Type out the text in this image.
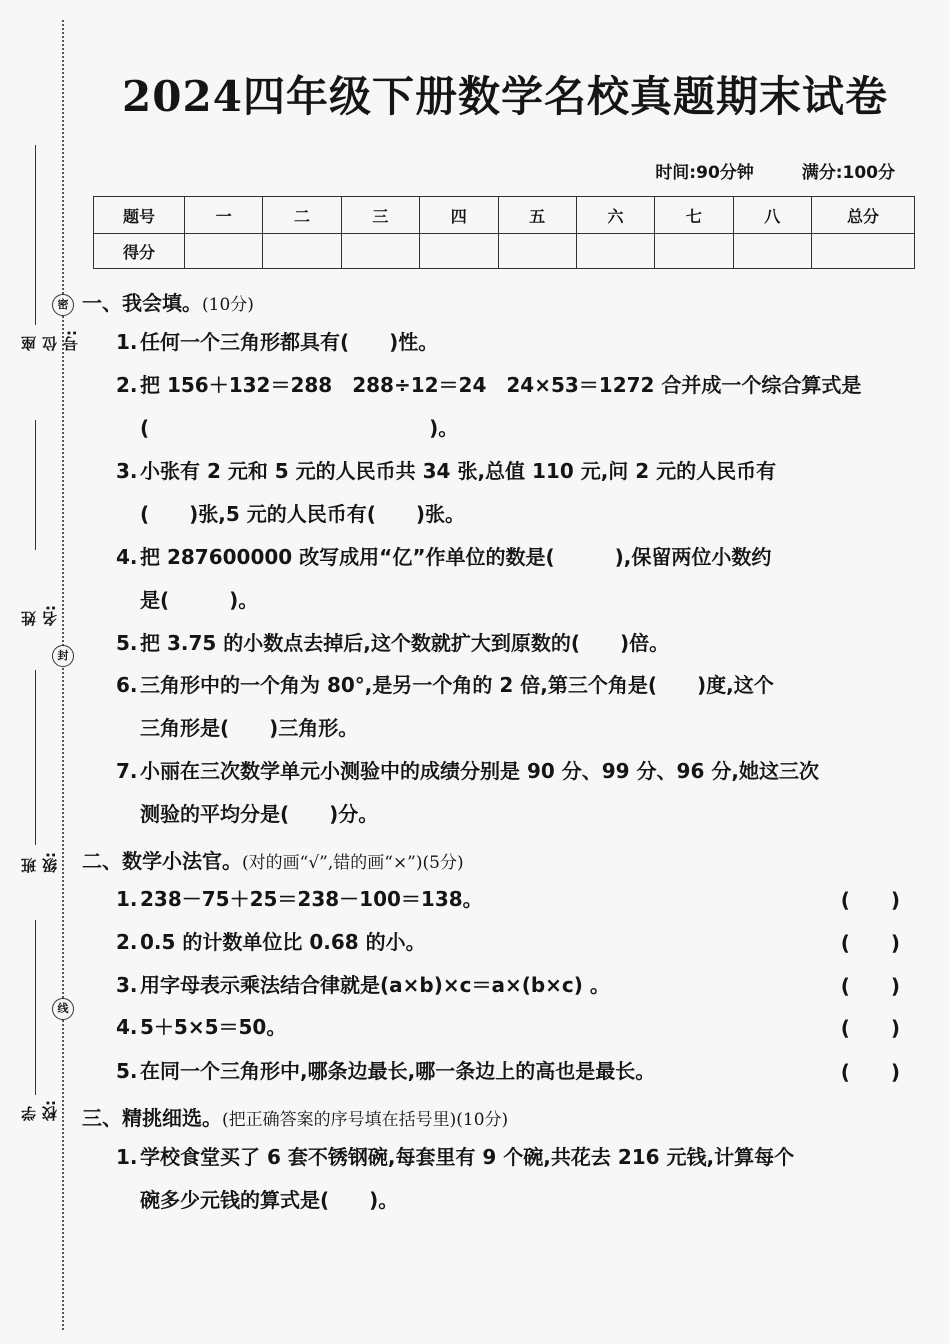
密
封
线
座位号:
姓名:
班级:
学校:
2024四年级下册数学名校真题期末试卷
时间:90分钟	满分:100分
题号	一	二	三	四	五	六	七	八	总分
得分									
一、我会填。(10分)
1. 任何一个三角形都具有(　　)性。
2. 把 156＋132＝288　288÷12＝24　24×53＝1272 合并成一个综合算式是
(　　　　　　　　　　　　　　)。
3. 小张有 2 元和 5 元的人民币共 34 张,总值 110 元,问 2 元的人民币有
(　　)张,5 元的人民币有(　　)张。
4. 把 287600000 改写成用“亿”作单位的数是(　　　),保留两位小数约
是(　　　)。
5. 把 3.75 的小数点去掉后,这个数就扩大到原数的(　　)倍。
6. 三角形中的一个角为 80°,是另一个角的 2 倍,第三个角是(　　)度,这个
三角形是(　　)三角形。
7. 小丽在三次数学单元小测验中的成绩分别是 90 分、99 分、96 分,她这三次
测验的平均分是(　　)分。
二、数学小法官。(对的画“√”,错的画“×”)(5分)
1. 238－75＋25＝238－100＝138。	( )
2. 0.5 的计数单位比 0.68 的小。	( )
3. 用字母表示乘法结合律就是(a×b)×c＝a×(b×c) 。	( )
4. 5＋5×5＝50。	( )
5. 在同一个三角形中,哪条边最长,哪一条边上的高也是最长。	( )
三、精挑细选。(把正确答案的序号填在括号里)(10分)
1. 学校食堂买了 6 套不锈钢碗,每套里有 9 个碗,共花去 216 元钱,计算每个
碗多少元钱的算式是(　　)。
